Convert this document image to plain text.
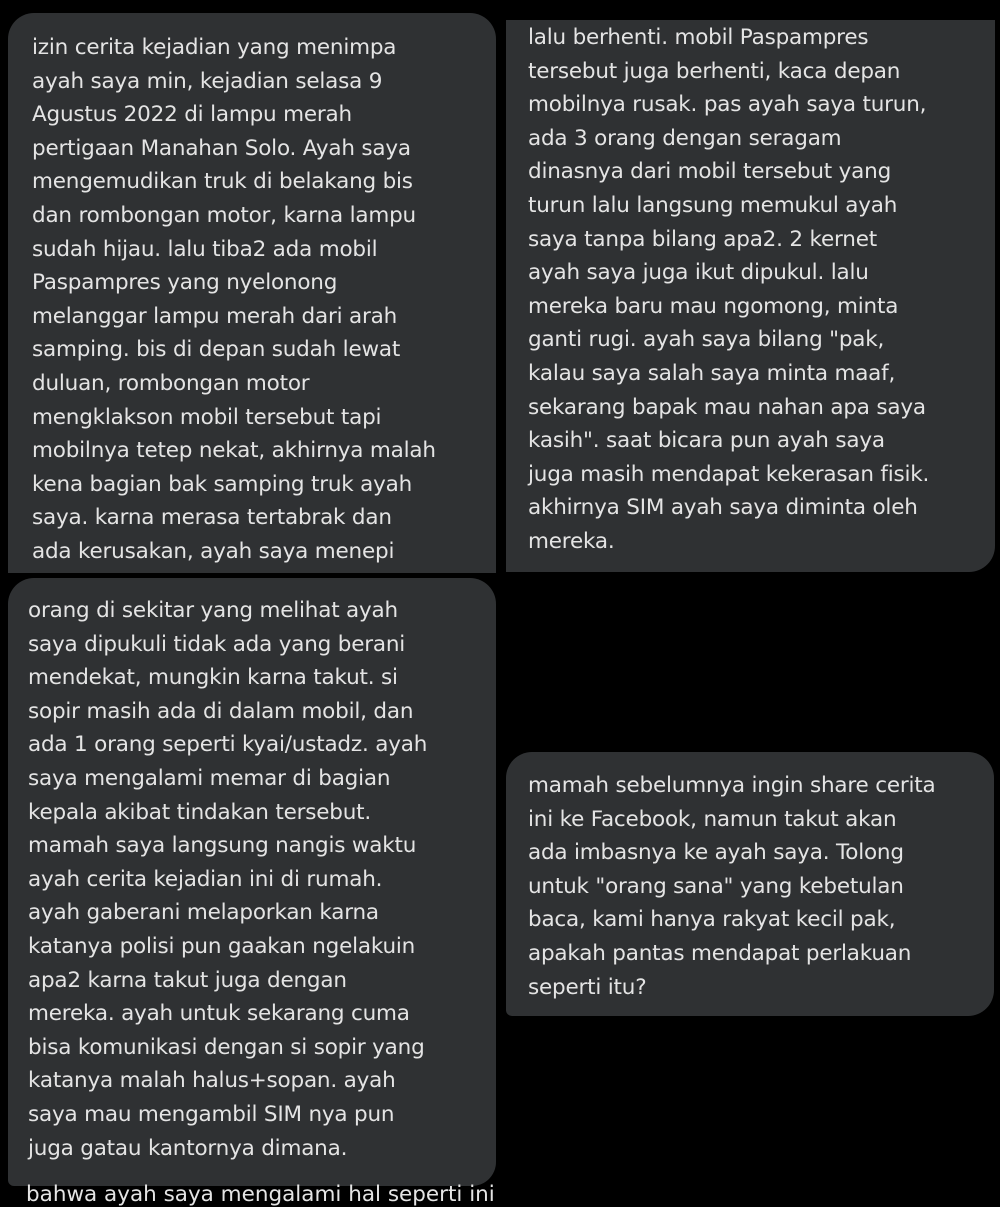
izin cerita kejadian yang menimpa
ayah saya min, kejadian selasa 9
Agustus 2022 di lampu merah
pertigaan Manahan Solo. Ayah saya
mengemudikan truk di belakang bis
dan rombongan motor, karna lampu
sudah hijau. lalu tiba2 ada mobil
Paspampres yang nyelonong
melanggar lampu merah dari arah
samping. bis di depan sudah lewat
duluan, rombongan motor
mengklakson mobil tersebut tapi
mobilnya tetep nekat, akhirnya malah
kena bagian bak samping truk ayah
saya. karna merasa tertabrak dan
ada kerusakan, ayah saya menepi
lalu berhenti. mobil Paspampres
tersebut juga berhenti, kaca depan
mobilnya rusak. pas ayah saya turun,
ada 3 orang dengan seragam
dinasnya dari mobil tersebut yang
turun lalu langsung memukul ayah
saya tanpa bilang apa2. 2 kernet
ayah saya juga ikut dipukul. lalu
mereka baru mau ngomong, minta
ganti rugi. ayah saya bilang "pak,
kalau saya salah saya minta maaf,
sekarang bapak mau nahan apa saya
kasih". saat bicara pun ayah saya
juga masih mendapat kekerasan fisik.
akhirnya SIM ayah saya diminta oleh
mereka.
orang di sekitar yang melihat ayah
saya dipukuli tidak ada yang berani
mendekat, mungkin karna takut. si
sopir masih ada di dalam mobil, dan
ada 1 orang seperti kyai/ustadz. ayah
saya mengalami memar di bagian
kepala akibat tindakan tersebut.
mamah saya langsung nangis waktu
ayah cerita kejadian ini di rumah.
ayah gaberani melaporkan karna
katanya polisi pun gaakan ngelakuin
apa2 karna takut juga dengan
mereka. ayah untuk sekarang cuma
bisa komunikasi dengan si sopir yang
katanya malah halus+sopan. ayah
saya mau mengambil SIM nya pun
juga gatau kantornya dimana.
mamah sebelumnya ingin share cerita
ini ke Facebook, namun takut akan
ada imbasnya ke ayah saya. Tolong
untuk "orang sana" yang kebetulan
baca, kami hanya rakyat kecil pak,
apakah pantas mendapat perlakuan
seperti itu?
bahwa ayah saya mengalami hal seperti ini
